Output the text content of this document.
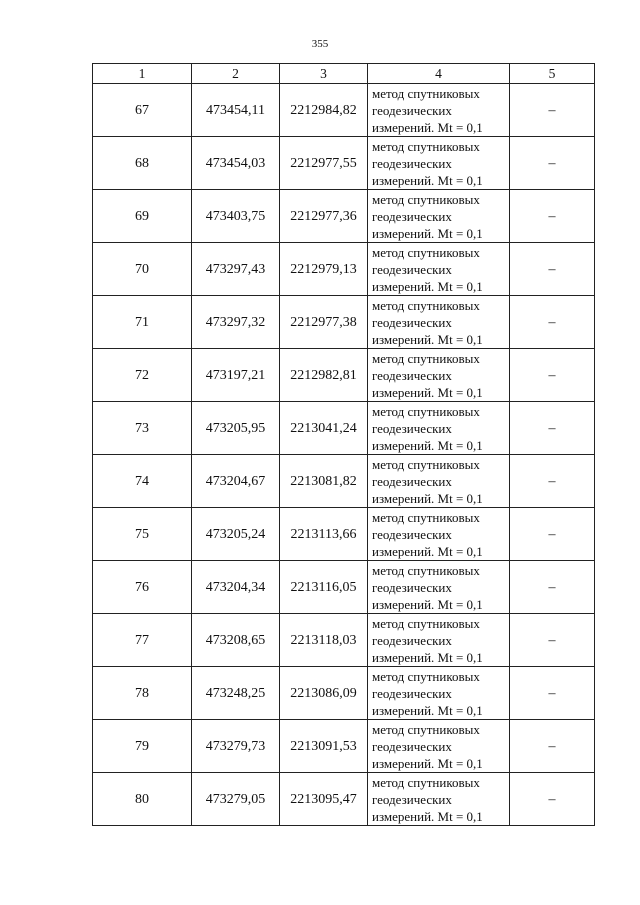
355
1	2	3	4	5
67	473454,11	2212984,82	метод спутниковых
геодезических
измерений. Mt = 0,1	–
68	473454,03	2212977,55	метод спутниковых
геодезических
измерений. Mt = 0,1	–
69	473403,75	2212977,36	метод спутниковых
геодезических
измерений. Mt = 0,1	–
70	473297,43	2212979,13	метод спутниковых
геодезических
измерений. Mt = 0,1	–
71	473297,32	2212977,38	метод спутниковых
геодезических
измерений. Mt = 0,1	–
72	473197,21	2212982,81	метод спутниковых
геодезических
измерений. Mt = 0,1	–
73	473205,95	2213041,24	метод спутниковых
геодезических
измерений. Mt = 0,1	–
74	473204,67	2213081,82	метод спутниковых
геодезических
измерений. Mt = 0,1	–
75	473205,24	2213113,66	метод спутниковых
геодезических
измерений. Mt = 0,1	–
76	473204,34	2213116,05	метод спутниковых
геодезических
измерений. Mt = 0,1	–
77	473208,65	2213118,03	метод спутниковых
геодезических
измерений. Mt = 0,1	–
78	473248,25	2213086,09	метод спутниковых
геодезических
измерений. Mt = 0,1	–
79	473279,73	2213091,53	метод спутниковых
геодезических
измерений. Mt = 0,1	–
80	473279,05	2213095,47	метод спутниковых
геодезических
измерений. Mt = 0,1	–
